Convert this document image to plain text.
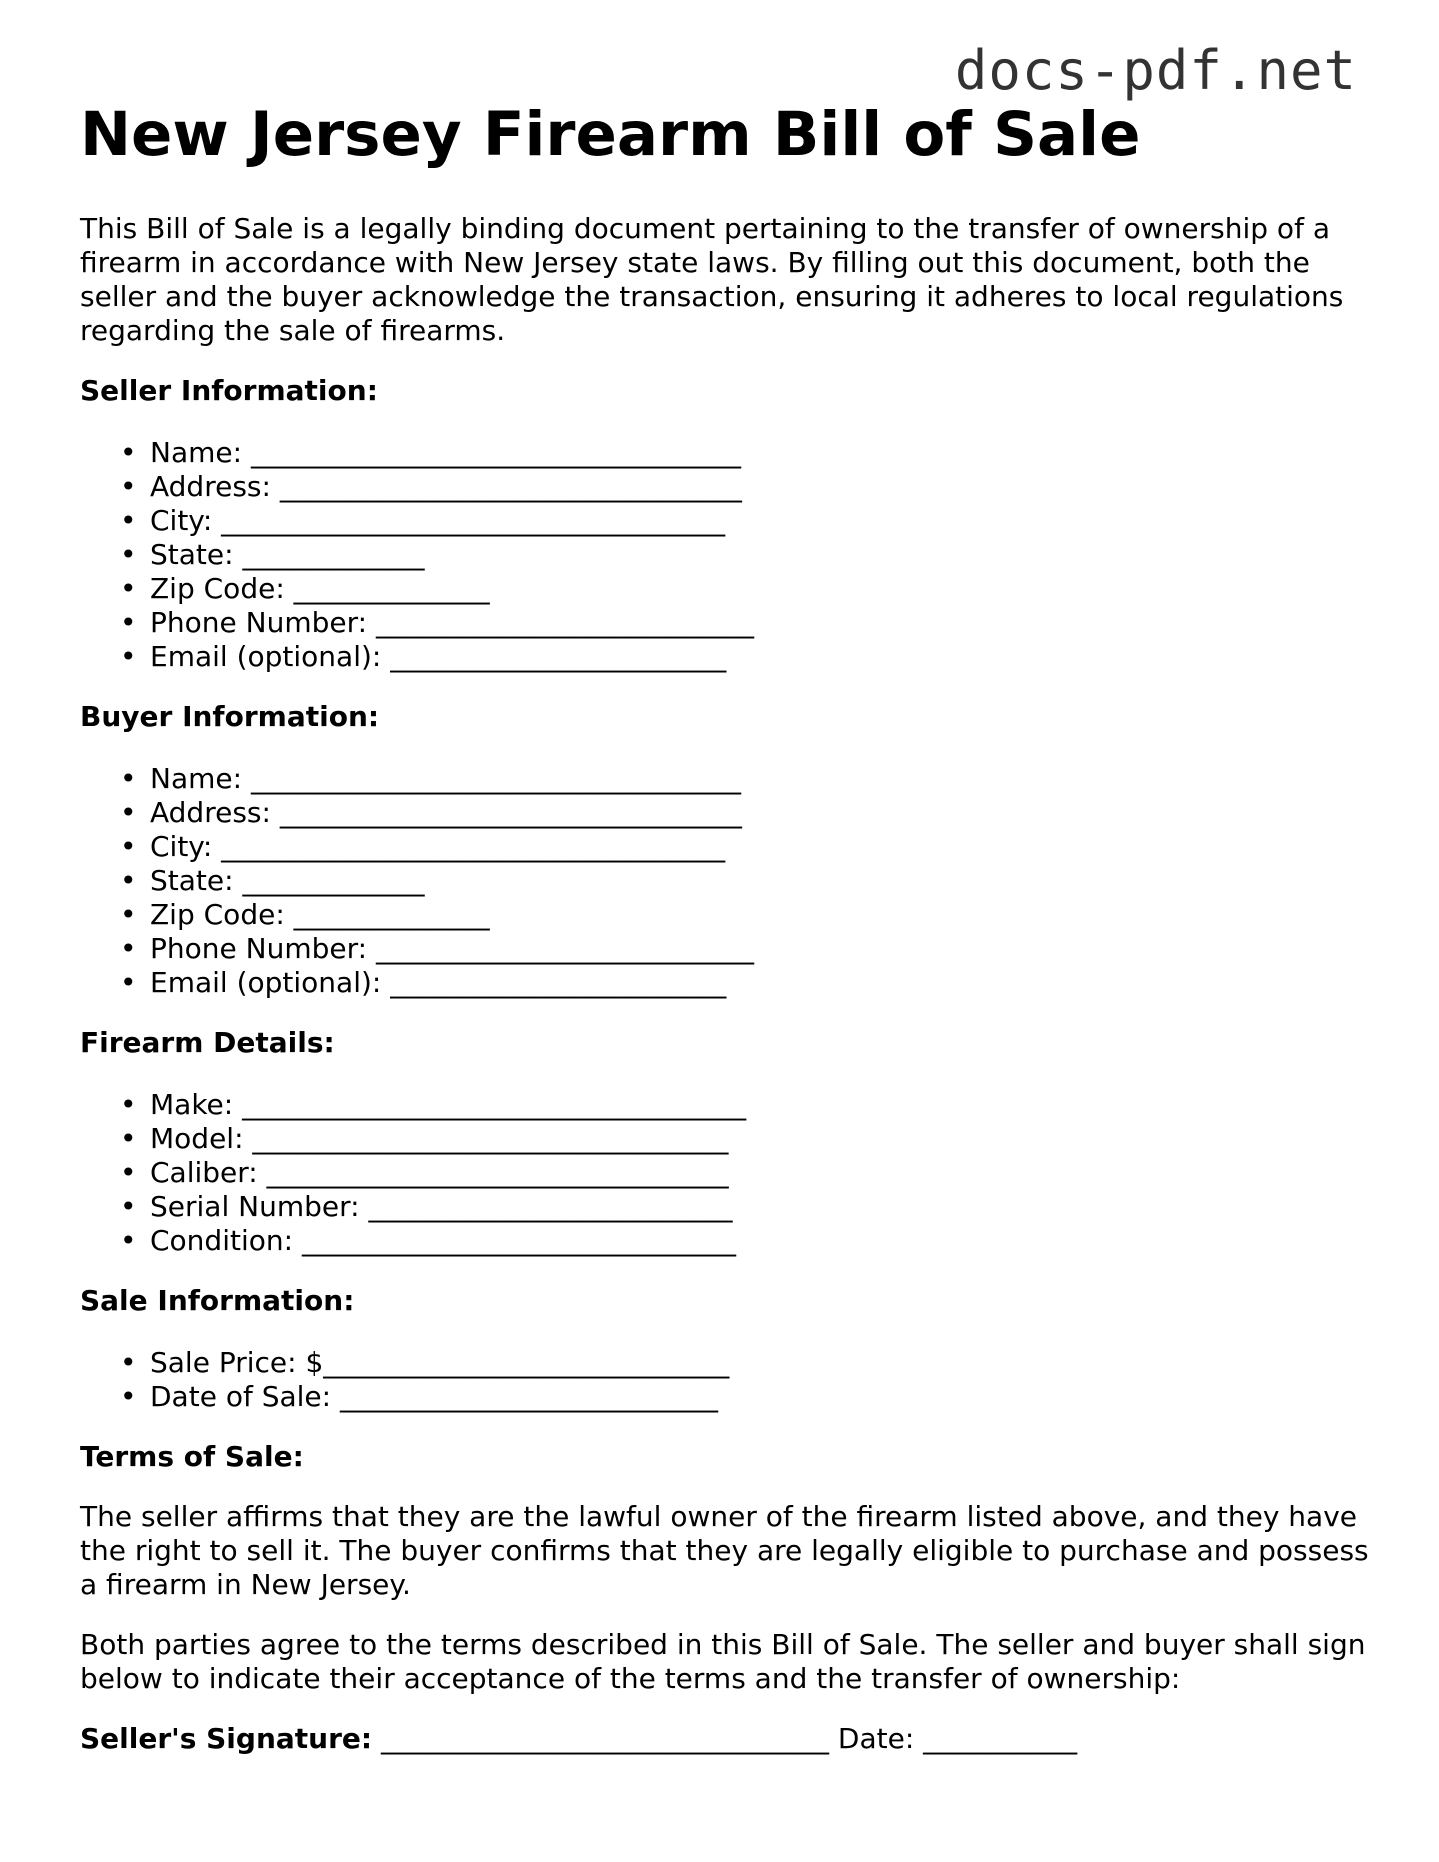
docs-pdf.net
New Jersey Firearm Bill of Sale

This Bill of Sale is a legally binding document pertaining to the transfer of ownership of a firearm in accordance with New Jersey state laws. By filling out this document, both the seller and the buyer acknowledge the transaction, ensuring it adheres to local regulations regarding the sale of firearms.

Seller Information:

• Name: ___________________________________
• Address: _________________________________
• City: ____________________________________
• State: _____________
• Zip Code: ______________
• Phone Number: ___________________________
• Email (optional): ________________________

Buyer Information:

• Name: ___________________________________
• Address: _________________________________
• City: ____________________________________
• State: _____________
• Zip Code: ______________
• Phone Number: ___________________________
• Email (optional): ________________________

Firearm Details:

• Make: ____________________________________
• Model: __________________________________
• Caliber: _________________________________
• Serial Number: __________________________
• Condition: _______________________________

Sale Information:

• Sale Price: $_____________________________
• Date of Sale: ___________________________

Terms of Sale:

The seller affirms that they are the lawful owner of the firearm listed above, and they have the right to sell it. The buyer confirms that they are legally eligible to purchase and possess a firearm in New Jersey.

Both parties agree to the terms described in this Bill of Sale. The seller and buyer shall sign below to indicate their acceptance of the terms and the transfer of ownership:

Seller's Signature: ________________________________ Date: ___________
